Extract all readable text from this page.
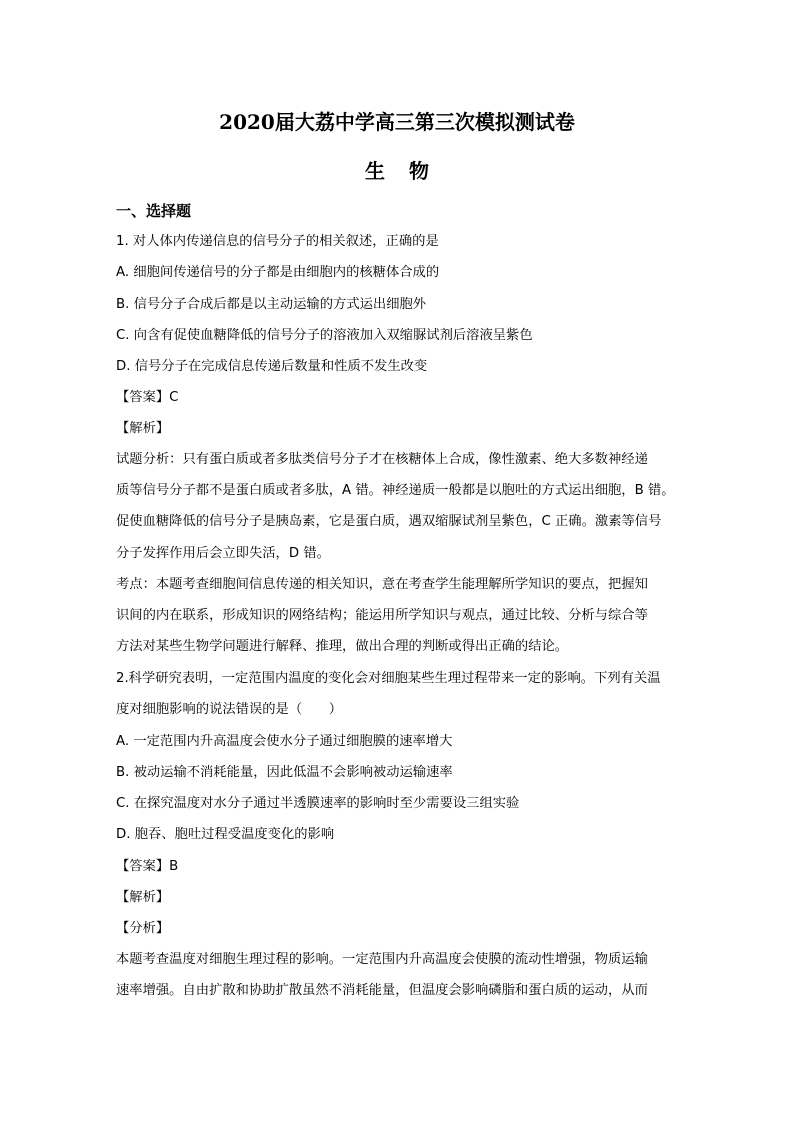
2020届大荔中学高三第三次模拟测试卷
生物
一、选择题
1. 对人体内传递信息的信号分子的相关叙述，正确的是
A. 细胞间传递信号的分子都是由细胞内的核糖体合成的
B. 信号分子合成后都是以主动运输的方式运出细胞外
C. 向含有促使血糖降低的信号分子的溶液加入双缩脲试剂后溶液呈紫色
D. 信号分子在完成信息传递后数量和性质不发生改变
【答案】C
【解析】
试题分析：只有蛋白质或者多肽类信号分子才在核糖体上合成，像性激素、绝大多数神经递
质等信号分子都不是蛋白质或者多肽，A 错。神经递质一般都是以胞吐的方式运出细胞，B 错。
促使血糖降低的信号分子是胰岛素，它是蛋白质，遇双缩脲试剂呈紫色，C 正确。激素等信号
分子发挥作用后会立即失活，D 错。
考点：本题考查细胞间信息传递的相关知识，意在考查学生能理解所学知识的要点，把握知
识间的内在联系，形成知识的网络结构；能运用所学知识与观点，通过比较、分析与综合等
方法对某些生物学问题进行解释、推理，做出合理的判断或得出正确的结论。
2.科学研究表明，一定范围内温度的变化会对细胞某些生理过程带来一定的影响。下列有关温
度对细胞影响的说法错误的是（　　）
A. 一定范围内升高温度会使水分子通过细胞膜的速率增大
B. 被动运输不消耗能量，因此低温不会影响被动运输速率
C. 在探究温度对水分子通过半透膜速率的影响时至少需要设三组实验
D. 胞吞、胞吐过程受温度变化的影响
【答案】B
【解析】
【分析】
本题考查温度对细胞生理过程的影响。一定范围内升高温度会使膜的流动性增强，物质运输
速率增强。自由扩散和协助扩散虽然不消耗能量，但温度会影响磷脂和蛋白质的运动，从而
